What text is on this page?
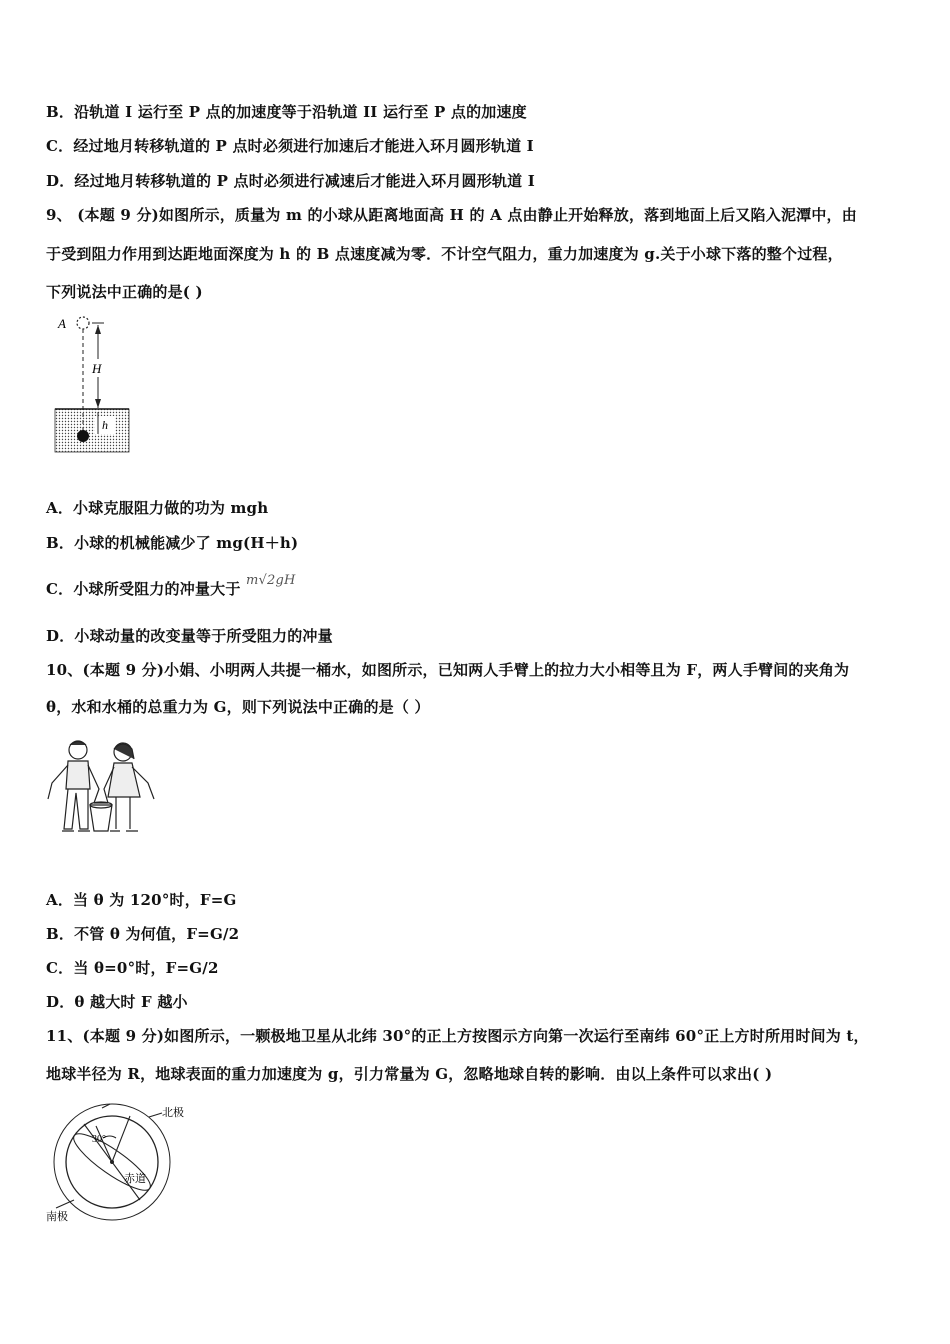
B．沿轨道 I 运行至 P 点的加速度等于沿轨道 II 运行至 P 点的加速度
C．经过地月转移轨道的 P 点时必须进行加速后才能进入环月圆形轨道 I
D．经过地月转移轨道的 P 点时必须进行减速后才能进入环月圆形轨道 I
9、 (本题 9 分)如图所示，质量为 m 的小球从距离地面高 H 的 A 点由静止开始释放，落到地面上后又陷入泥潭中，由
于受到阻力作用到达距地面深度为 h 的 B 点速度减为零．不计空气阻力，重力加速度为 g.关于小球下落的整个过程，
下列说法中正确的是( )
A
H
h
A．小球克服阻力做的功为 mgh
B．小球的机械能减少了 mg(H＋h)
C．小球所受阻力的冲量大于 m√2gH
D．小球动量的改变量等于所受阻力的冲量
10、(本题 9 分)小娟、小明两人共提一桶水，如图所示，已知两人手臂上的拉力大小相等且为 F，两人手臂间的夹角为
θ，水和水桶的总重力为 G，则下列说法中正确的是（ ）
A．当 θ 为 120°时，F=G
B．不管 θ 为何值，F=G/2
C．当 θ=0°时，F=G/2
D．θ 越大时 F 越小
11、(本题 9 分)如图所示，一颗极地卫星从北纬 30°的正上方按图示方向第一次运行至南纬 60°正上方时所用时间为 t，
地球半径为 R，地球表面的重力加速度为 g，引力常量为 G，忽略地球自转的影响．由以上条件可以求出( )
北极
30°
赤道
南极
